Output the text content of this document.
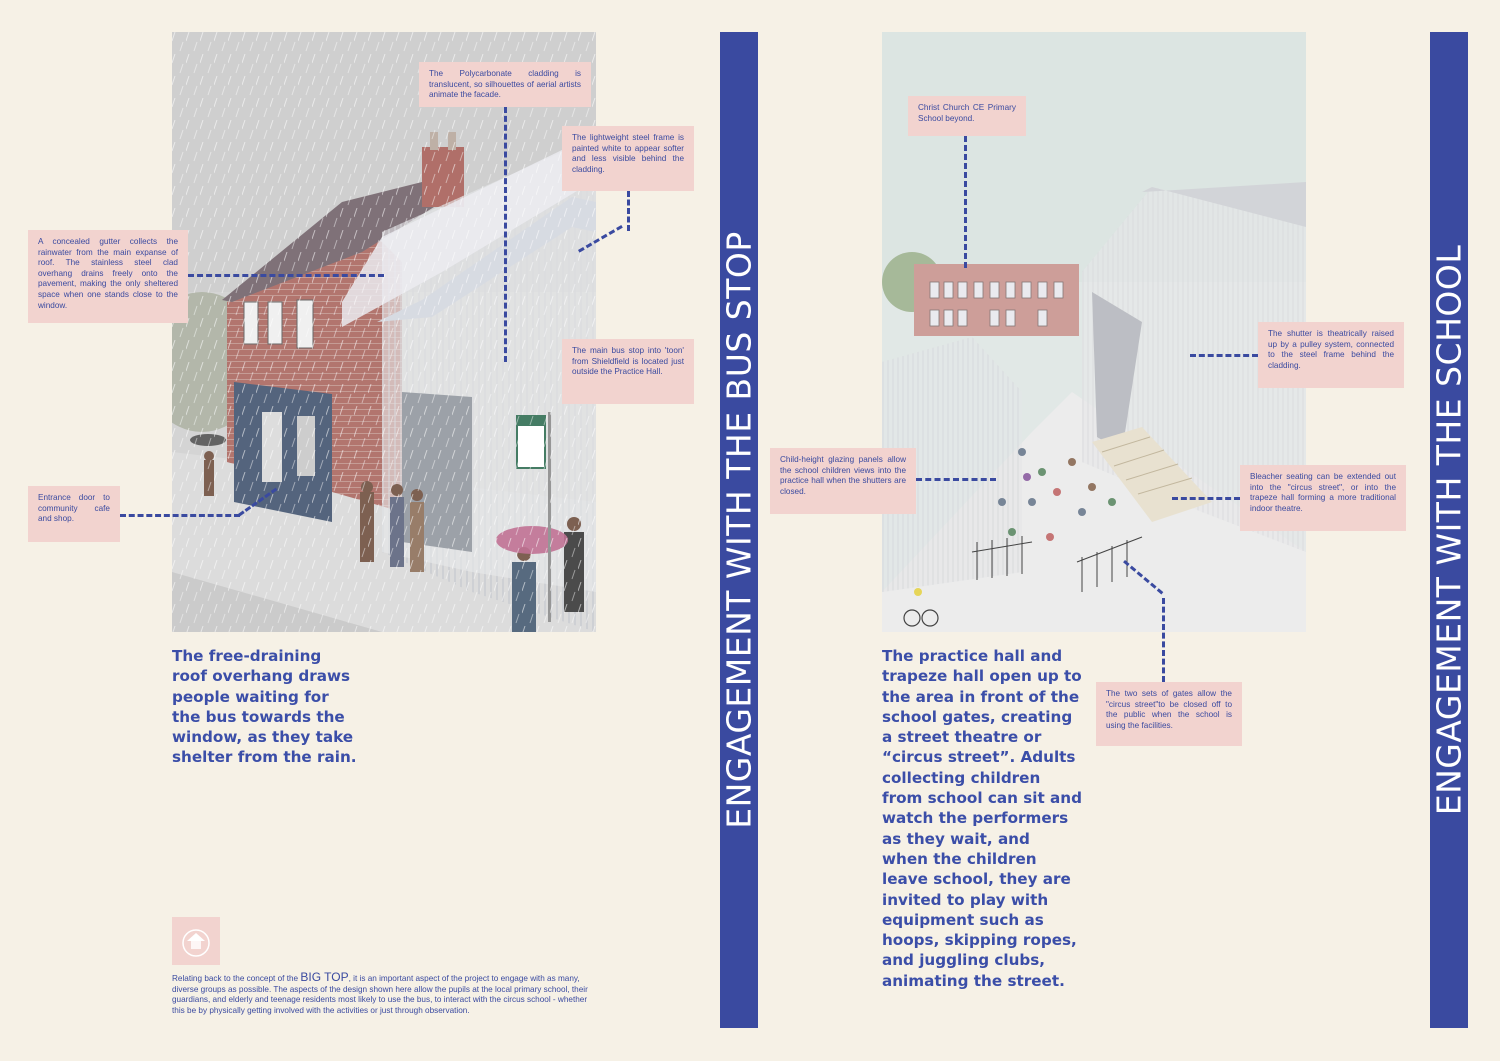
The Polycarbonate cladding is translucent, so silhouettes of aerial artists animate the facade.
The lightweight steel frame is painted white to appear softer and less visible behind the cladding.
A concealed gutter collects the rainwater from the main expanse of roof. The stainless steel clad overhang drains freely onto the pavement, making the only sheltered space when one stands close to the window.
The main bus stop into 'toon' from Shieldfield is located just outside the Practice Hall.
Entrance door to community cafe and shop.
The free-draining
roof overhang draws
people waiting for
the bus towards the
window, as they take
shelter from the rain.
Relating back to the concept of the BIG TOP, it is an important aspect of the project to engage with as many, diverse groups as possible. The aspects of the design shown here allow the pupils at the local primary school, their guardians, and elderly and teenage residents most likely to use the bus, to interact with the circus school - whether this be by physically getting involved with the activities or just through observation.
ENGAGEMENT WITH THE BUS STOP
Christ Church CE Primary School beyond.
The shutter is theatrically raised up by a pulley system, connected to the steel frame behind the cladding.
Child-height glazing panels allow the school children views into the practice hall when the shutters are closed.
Bleacher seating can be extended out into the "circus street", or into the trapeze hall forming a more traditional indoor theatre.
The two sets of gates allow the "circus street"to be closed off to the public when the school is using the facilities.
The practice hall and
trapeze hall open up to
the area in front of the
school gates, creating
a street theatre or
“circus street”. Adults
collecting children
from school can sit and
watch the performers
as they wait, and
when the children
leave school, they are
invited to play with
equipment such as
hoops, skipping ropes,
and juggling clubs,
animating the street.
ENGAGEMENT WITH THE SCHOOL
